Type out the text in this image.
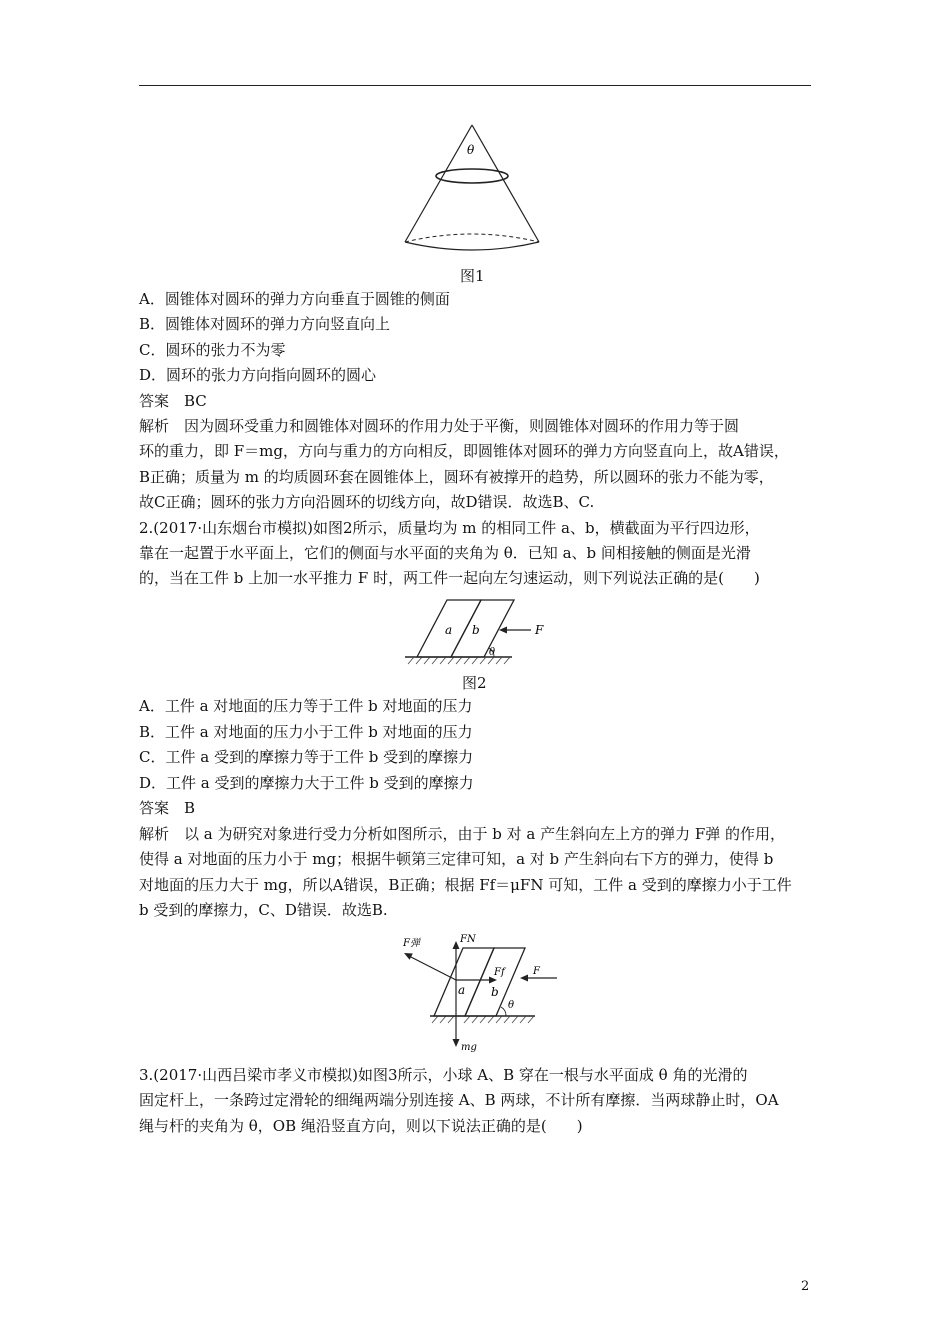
θ
图1
A．圆锥体对圆环的弹力方向垂直于圆锥的侧面
B．圆锥体对圆环的弹力方向竖直向上
C．圆环的张力不为零
D．圆环的张力方向指向圆环的圆心
答案　BC
解析　因为圆环受重力和圆锥体对圆环的作用力处于平衡，则圆锥体对圆环的作用力等于圆
环的重力，即 F＝mg，方向与重力的方向相反，即圆锥体对圆环的弹力方向竖直向上，故A错误，
B正确；质量为 m 的均质圆环套在圆锥体上，圆环有被撑开的趋势，所以圆环的张力不能为零，
故C正确；圆环的张力方向沿圆环的切线方向，故D错误．故选B、C.
2.(2017·山东烟台市模拟)如图2所示，质量均为 m 的相同工件 a、b，横截面为平行四边形，
靠在一起置于水平面上，它们的侧面与水平面的夹角为 θ．已知 a、b 间相接触的侧面是光滑
的，当在工件 b 上加一水平推力 F 时，两工件一起向左匀速运动，则下列说法正确的是(　　)
a b	F
θ
图2
A．工件 a 对地面的压力等于工件 b 对地面的压力
B．工件 a 对地面的压力小于工件 b 对地面的压力
C．工件 a 受到的摩擦力等于工件 b 受到的摩擦力
D．工件 a 受到的摩擦力大于工件 b 受到的摩擦力
答案　B
解析　以 a 为研究对象进行受力分析如图所示，由于 b 对 a 产生斜向左上方的弹力 F弹 的作用，
使得 a 对地面的压力小于 mg；根据牛顿第三定律可知，a 对 b 产生斜向右下方的弹力，使得 b
对地面的压力大于 mg，所以A错误，B正确；根据 Ff＝μFN 可知，工件 a 受到的摩擦力小于工件
b 受到的摩擦力，C、D错误．故选B.
FN
mg
F弹
Ff	F
a b
θ
3.(2017·山西吕梁市孝义市模拟)如图3所示，小球 A、B 穿在一根与水平面成 θ 角的光滑的
固定杆上，一条跨过定滑轮的细绳两端分别连接 A、B 两球，不计所有摩擦．当两球静止时，OA
绳与杆的夹角为 θ，OB 绳沿竖直方向，则以下说法正确的是(　　)
2
